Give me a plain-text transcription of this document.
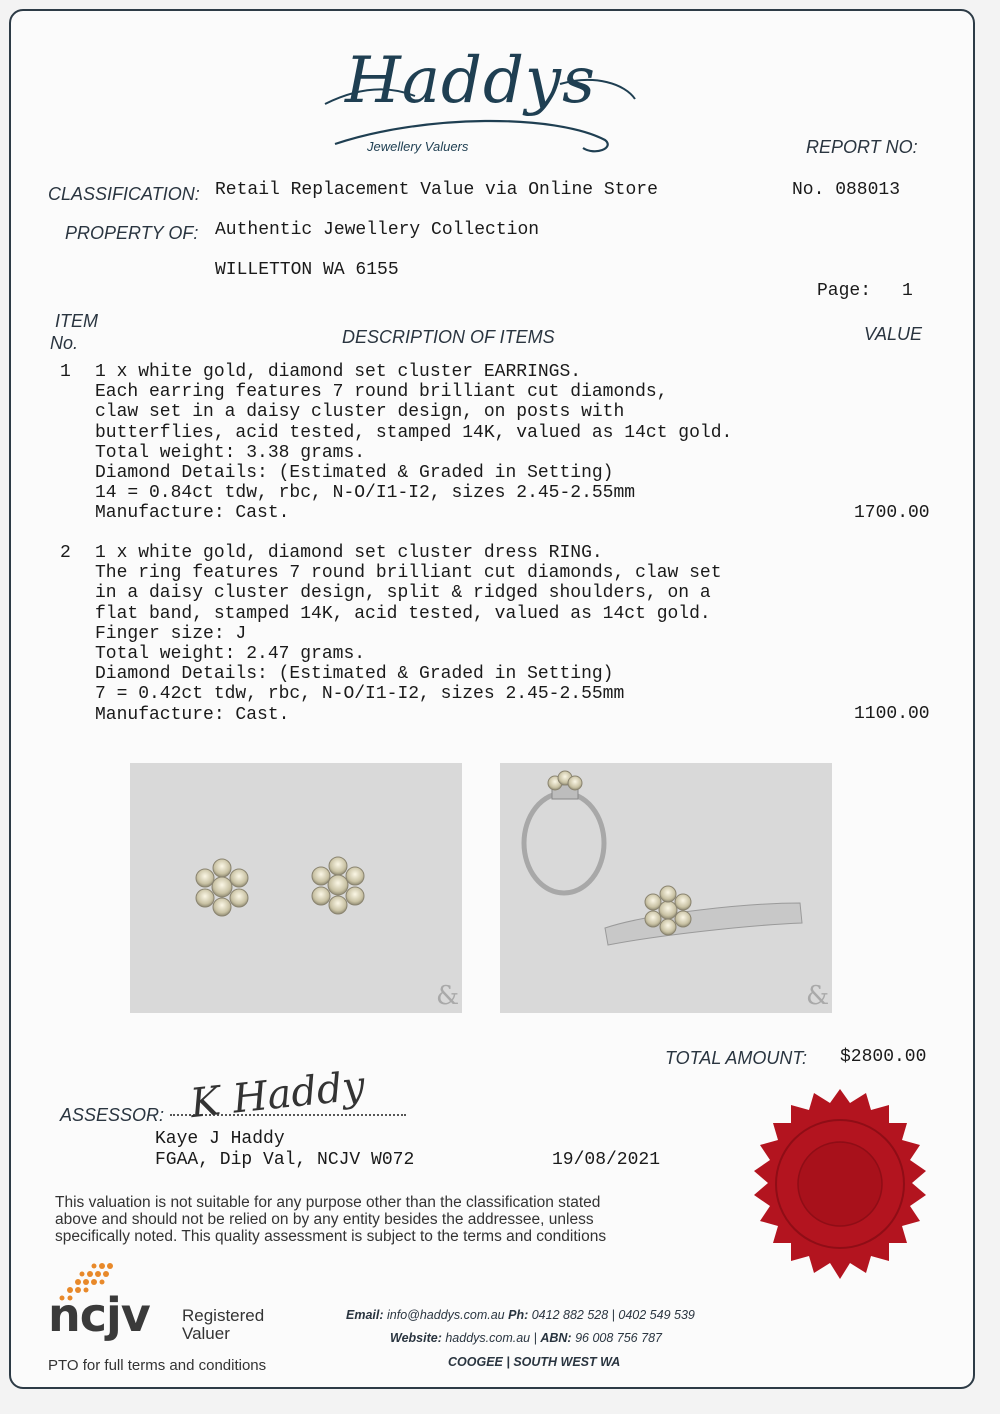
Haddys
Jewellery Valuers	REPORT NO:
No. 088013
CLASSIFICATION: Retail Replacement Value via Online Store
PROPERTY OF: Authentic Jewellery Collection
WILLETTON WA 6155
Page: 1
ITEM
No.	DESCRIPTION OF ITEMS	VALUE
1 1 x white gold, diamond set cluster EARRINGS.
Each earring features 7 round brilliant cut diamonds,
claw set in a daisy cluster design, on posts with
butterflies, acid tested, stamped 14K, valued as 14ct gold.
Total weight: 3.38 grams.
Diamond Details: (Estimated & Graded in Setting)
14 = 0.84ct tdw, rbc, N-O/I1-I2, sizes 2.45-2.55mm
Manufacture: Cast.	1700.00
2 1 x white gold, diamond set cluster dress RING.
The ring features 7 round brilliant cut diamonds, claw set
in a daisy cluster design, split & ridged shoulders, on a
flat band, stamped 14K, acid tested, valued as 14ct gold.
Finger size: J
Total weight: 2.47 grams.
Diamond Details: (Estimated & Graded in Setting)
7 = 0.42ct tdw, rbc, N-O/I1-I2, sizes 2.45-2.55mm
Manufacture: Cast.	1100.00
&	&
TOTAL AMOUNT: $2800.00
ASSESSOR: K Haddy
Kaye J Haddy
FGAA, Dip Val, NCJV W072	19/08/2021
This valuation is not suitable for any purpose other than the classification stated
above and should not be relied on by any entity besides the addressee, unless
specifically noted. This quality assessment is subject to the terms and conditions
ncjv Registered
Valuer
PTO for full terms and conditions
Email: info@haddys.com.au Ph: 0412 882 528 | 0402 549 539
Website: haddys.com.au | ABN: 96 008 756 787
COOGEE | SOUTH WEST WA
